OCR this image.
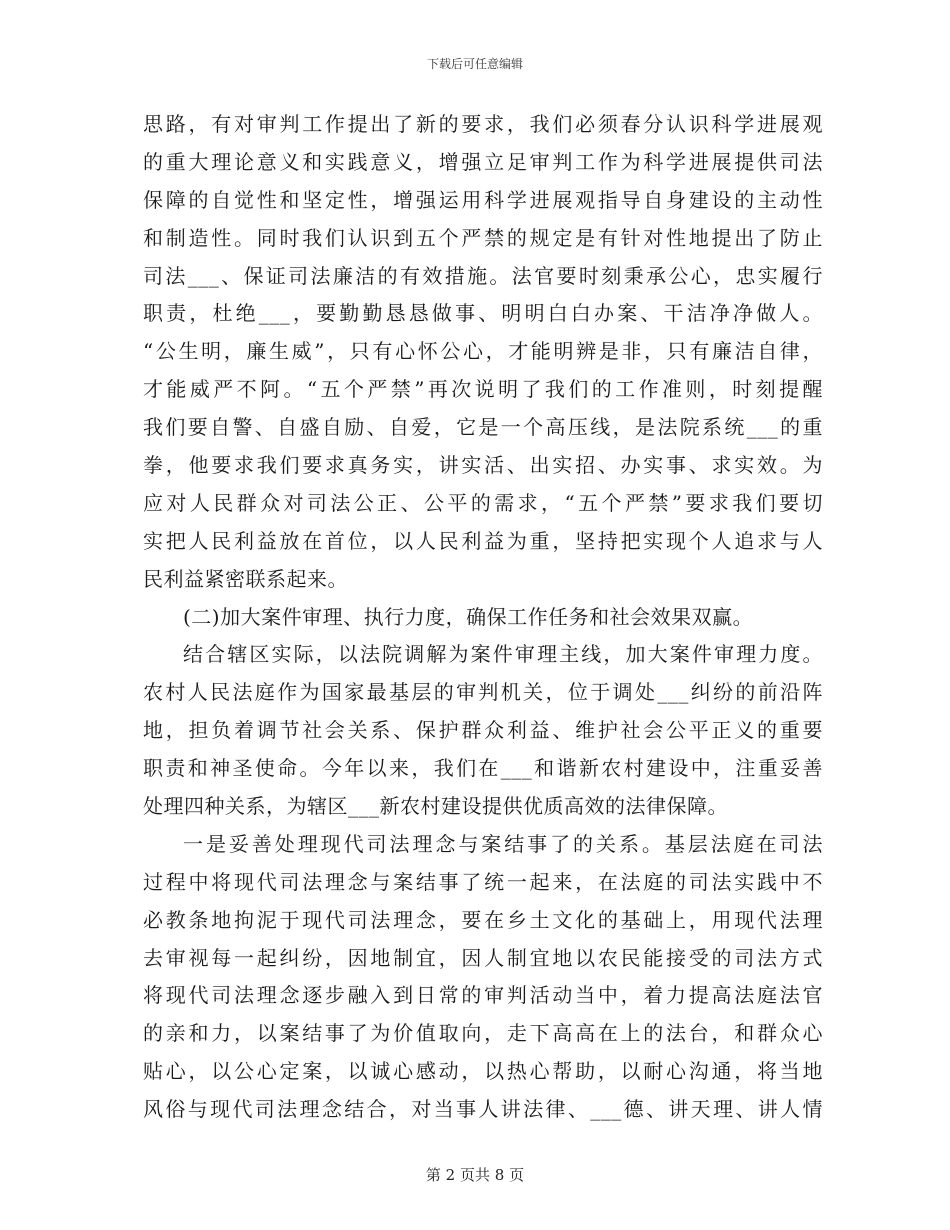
下载后可任意编辑
思路，有对审判工作提出了新的要求，我们必须春分认识科学进展观
的重大理论意义和实践意义，增强立足审判工作为科学进展提供司法
保障的自觉性和坚定性，增强运用科学进展观指导自身建设的主动性
和制造性。同时我们认识到五个严禁的规定是有针对性地提出了防止
司法___、保证司法廉洁的有效措施。法官要时刻秉承公心，忠实履行
职责，杜绝___，要勤勤恳恳做事、明明白白办案、干洁净净做人。
“公生明，廉生威”，只有心怀公心，才能明辨是非，只有廉洁自律，
才能威严不阿。“五个严禁”再次说明了我们的工作准则，时刻提醒
我们要自警、自盛自励、自爱，它是一个高压线，是法院系统___的重
拳，他要求我们要求真务实，讲实活、出实招、办实事、求实效。为
应对人民群众对司法公正、公平的需求，“五个严禁”要求我们要切
实把人民利益放在首位，以人民利益为重，坚持把实现个人追求与人
民利益紧密联系起来。
(二)加大案件审理、执行力度，确保工作任务和社会效果双赢。
结合辖区实际，以法院调解为案件审理主线，加大案件审理力度。
农村人民法庭作为国家最基层的审判机关，位于调处___纠纷的前沿阵
地，担负着调节社会关系、保护群众利益、维护社会公平正义的重要
职责和神圣使命。今年以来，我们在___和谐新农村建设中，注重妥善
处理四种关系，为辖区___新农村建设提供优质高效的法律保障。
一是妥善处理现代司法理念与案结事了的关系。基层法庭在司法
过程中将现代司法理念与案结事了统一起来，在法庭的司法实践中不
必教条地拘泥于现代司法理念，要在乡土文化的基础上，用现代法理
去审视每一起纠纷，因地制宜，因人制宜地以农民能接受的司法方式
将现代司法理念逐步融入到日常的审判活动当中，着力提高法庭法官
的亲和力，以案结事了为价值取向，走下高高在上的法台，和群众心
贴心，以公心定案，以诚心感动，以热心帮助，以耐心沟通，将当地
风俗与现代司法理念结合，对当事人讲法律、___德、讲天理、讲人情
第 2 页共 8 页
